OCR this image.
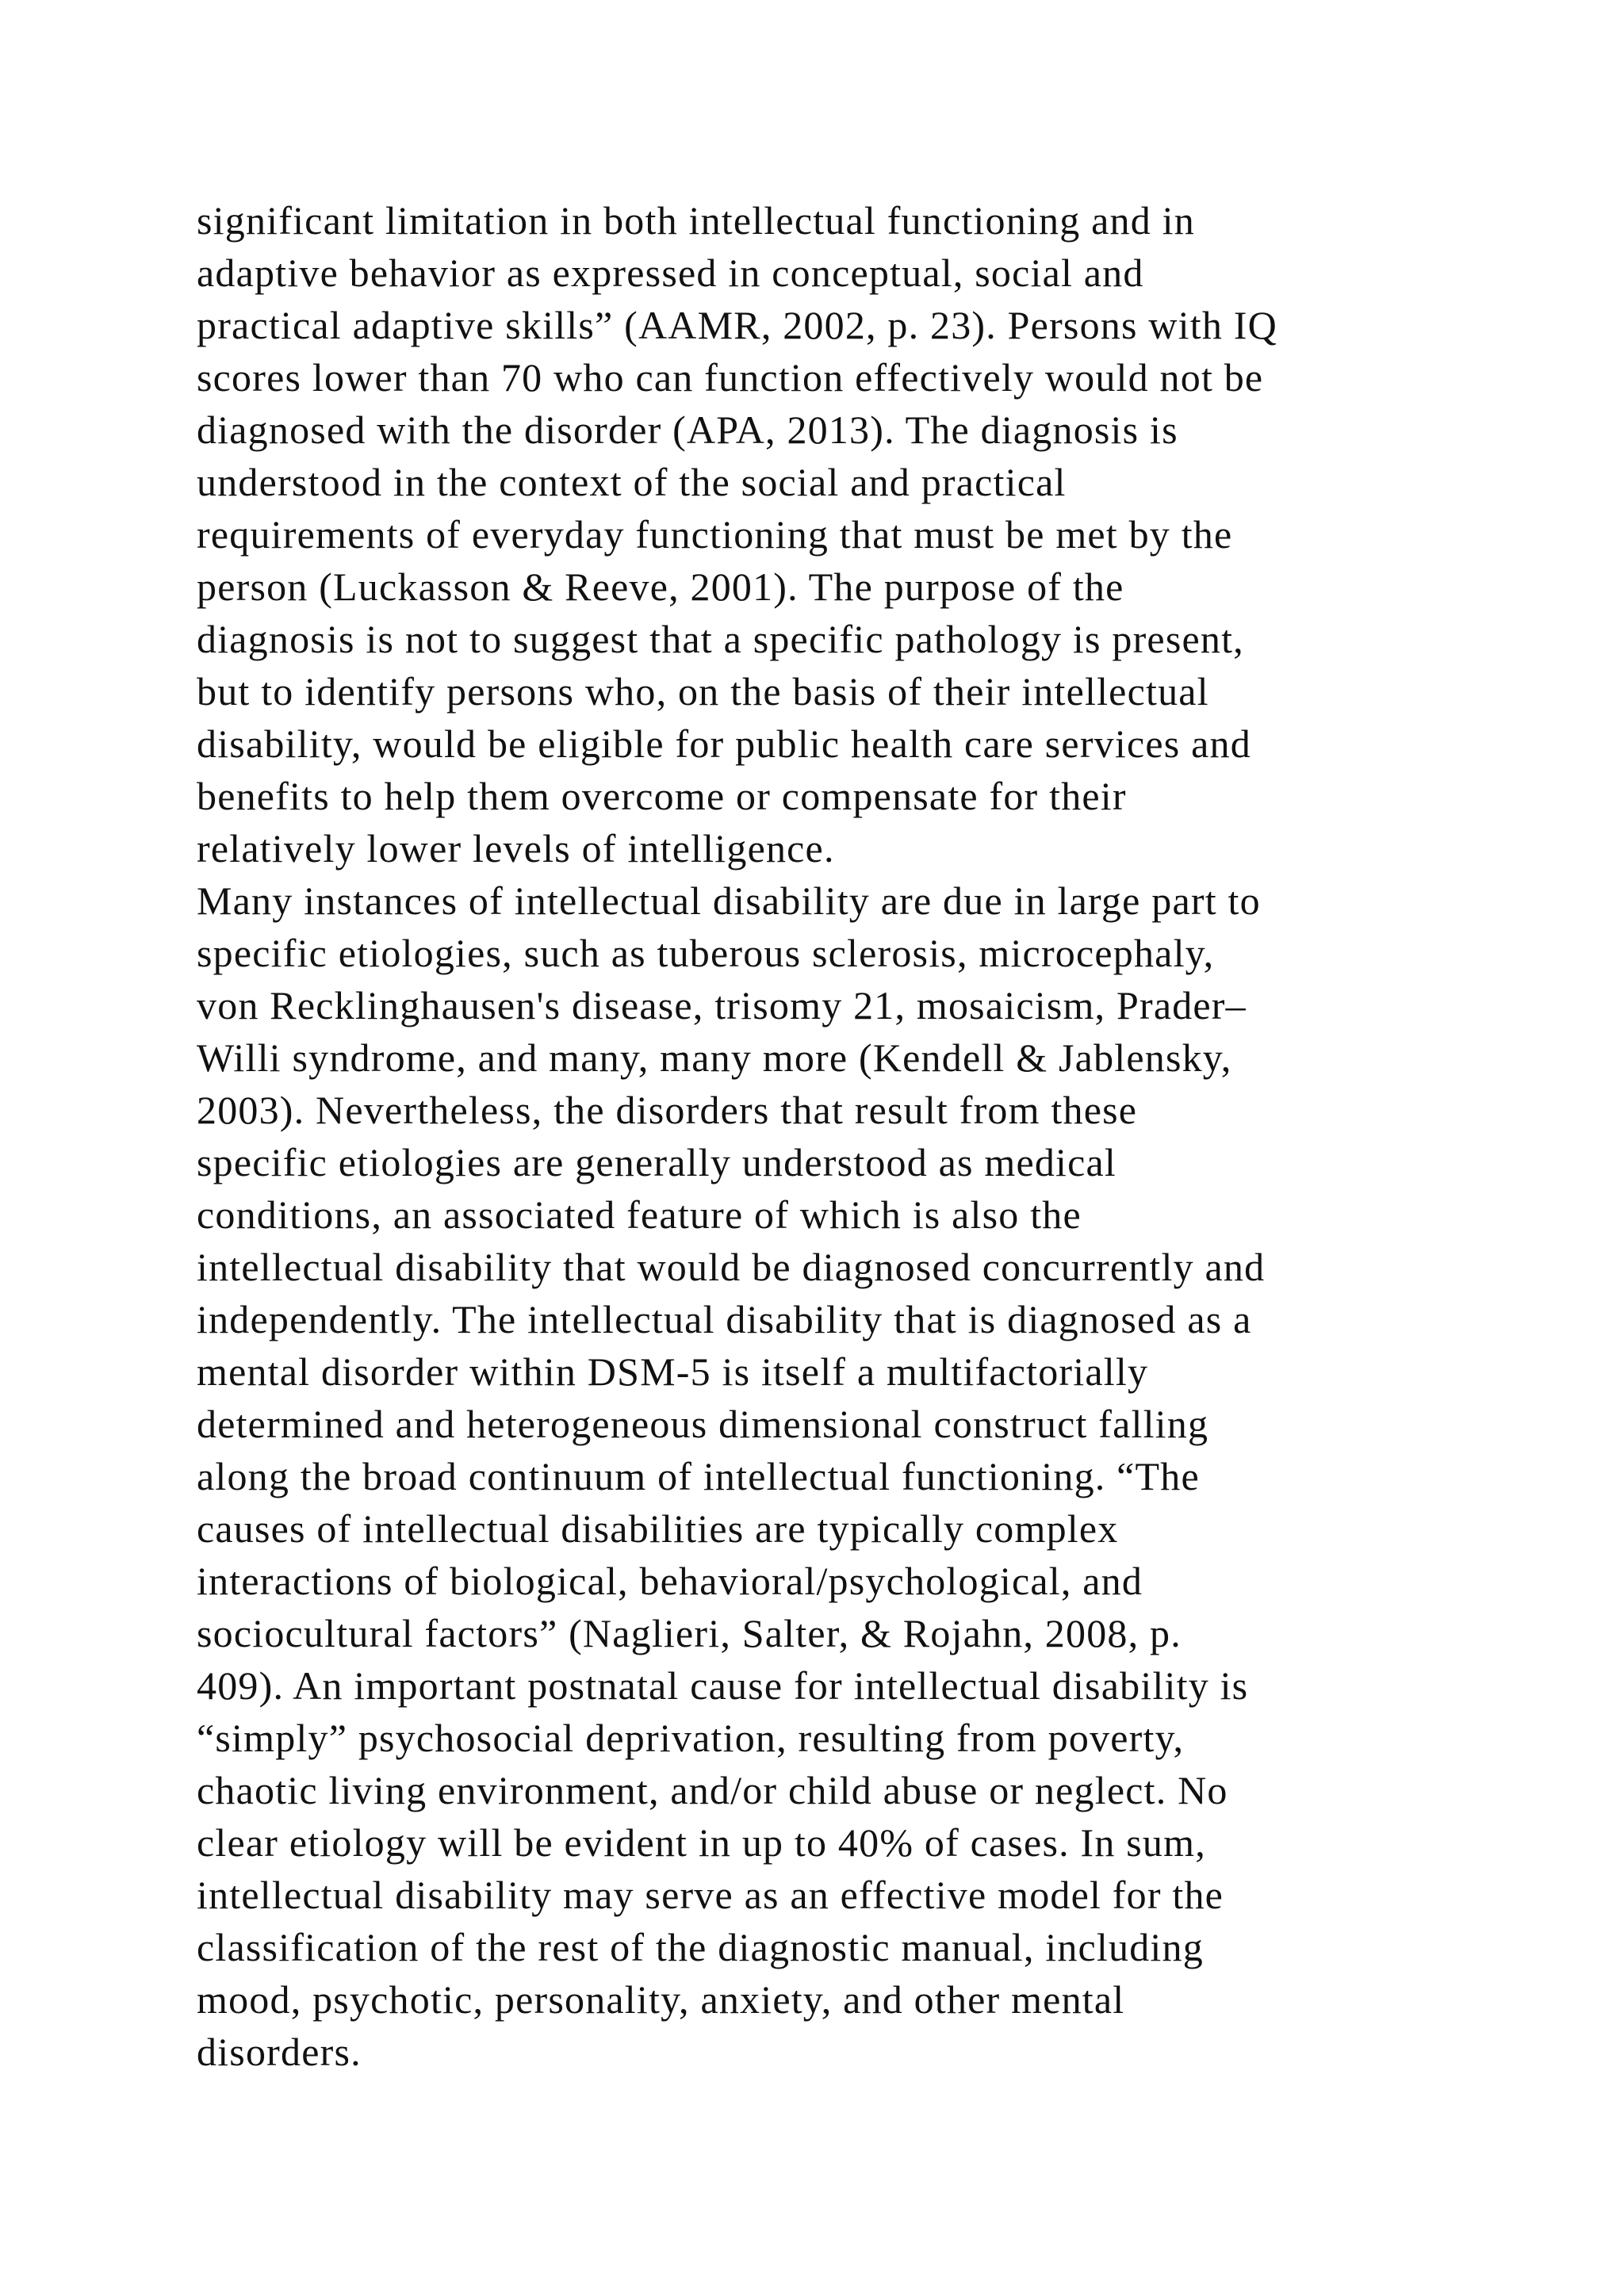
significant limitation in both intellectual functioning and in
adaptive behavior as expressed in conceptual, social and
practical adaptive skills” (AAMR, 2002, p. 23). Persons with IQ
scores lower than 70 who can function effectively would not be
diagnosed with the disorder (APA, 2013). The diagnosis is
understood in the context of the social and practical
requirements of everyday functioning that must be met by the
person (Luckasson & Reeve, 2001). The purpose of the
diagnosis is not to suggest that a specific pathology is present,
but to identify persons who, on the basis of their intellectual
disability, would be eligible for public health care services and
benefits to help them overcome or compensate for their
relatively lower levels of intelligence.
Many instances of intellectual disability are due in large part to
specific etiologies, such as tuberous sclerosis, microcephaly,
von Recklinghausen's disease, trisomy 21, mosaicism, Prader–
Willi syndrome, and many, many more (Kendell & Jablensky,
2003). Nevertheless, the disorders that result from these
specific etiologies are generally understood as medical
conditions, an associated feature of which is also the
intellectual disability that would be diagnosed concurrently and
independently. The intellectual disability that is diagnosed as a
mental disorder within DSM-5 is itself a multifactorially
determined and heterogeneous dimensional construct falling
along the broad continuum of intellectual functioning. “The
causes of intellectual disabilities are typically complex
interactions of biological, behavioral/psychological, and
sociocultural factors” (Naglieri, Salter, & Rojahn, 2008, p.
409). An important postnatal cause for intellectual disability is
“simply” psychosocial deprivation, resulting from poverty,
chaotic living environment, and/or child abuse or neglect. No
clear etiology will be evident in up to 40% of cases. In sum,
intellectual disability may serve as an effective model for the
classification of the rest of the diagnostic manual, including
mood, psychotic, personality, anxiety, and other mental
disorders.
